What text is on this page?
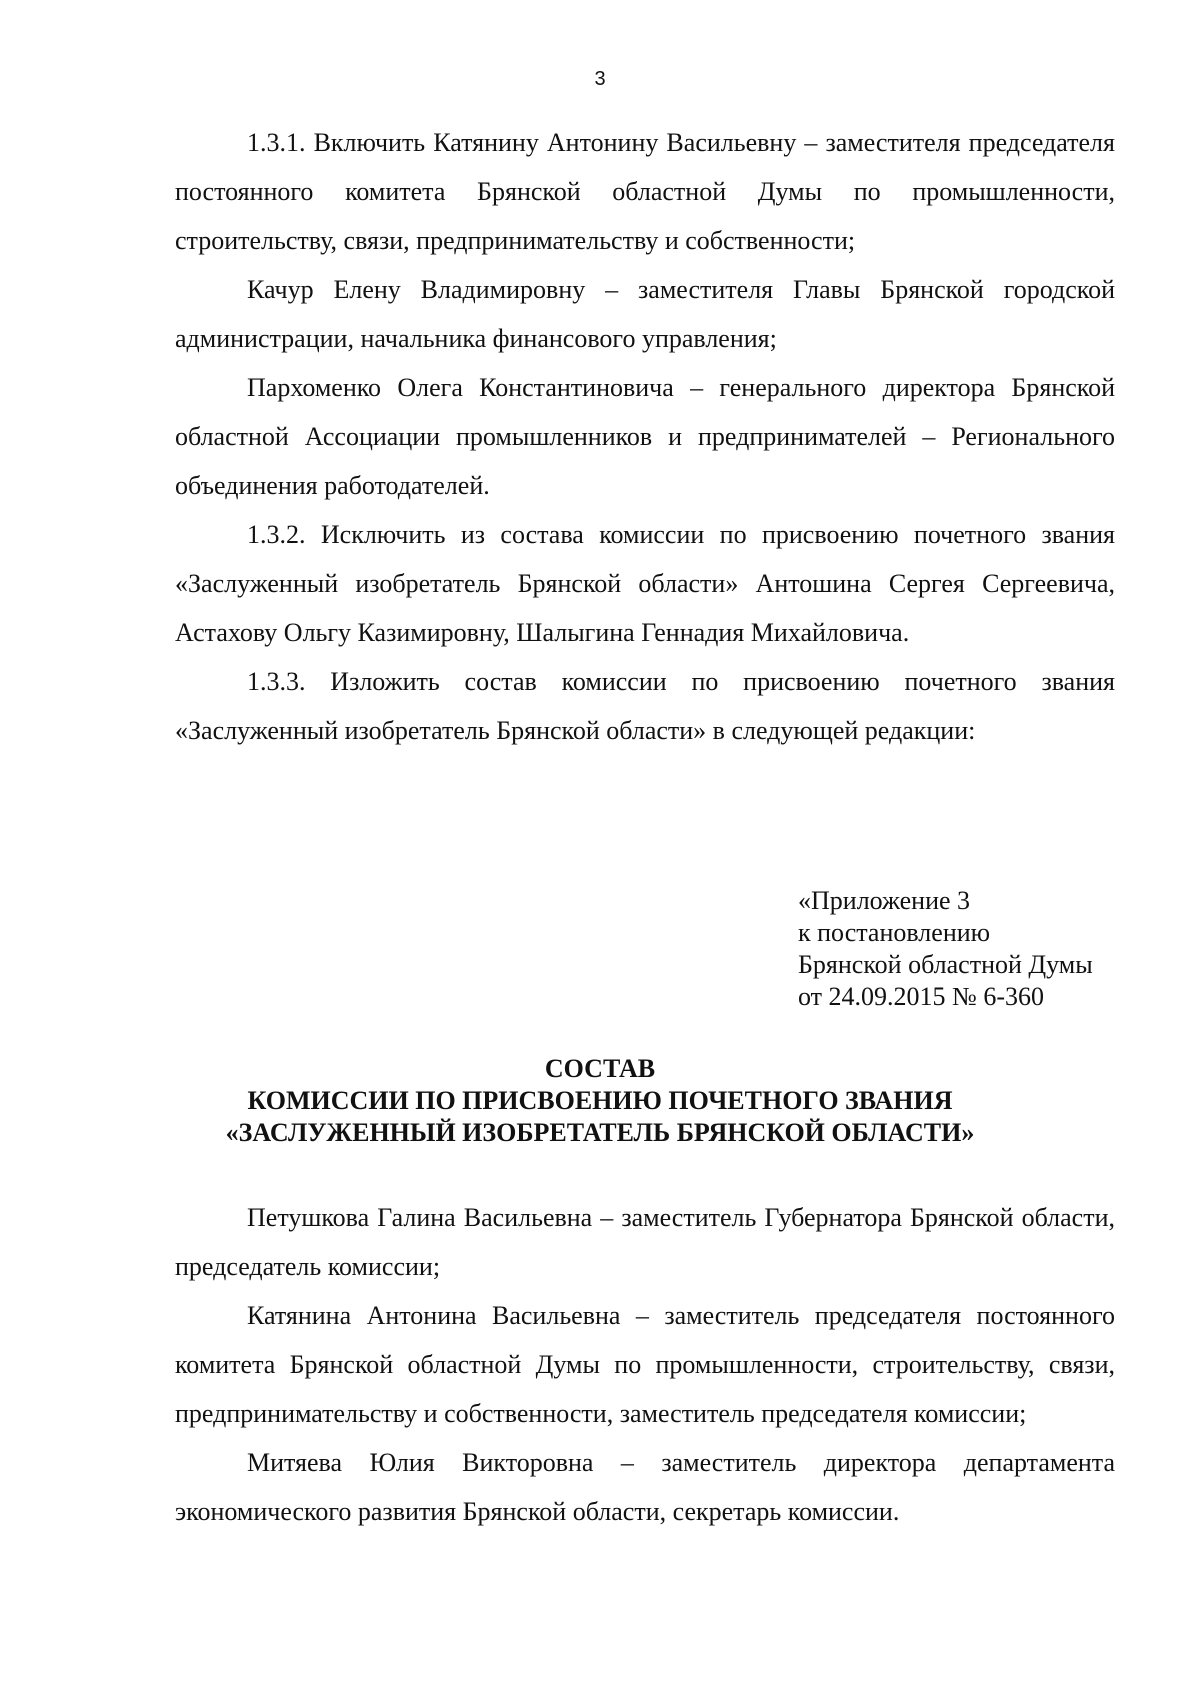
3

1.3.1. Включить Катянину Антонину Васильевну – заместителя председателя постоянного комитета Брянской областной Думы по промышленности, строительству, связи, предпринимательству и собственности;

Качур Елену Владимировну – заместителя Главы Брянской городской администрации, начальника финансового управления;

Пархоменко Олега Константиновича – генерального директора Брянской областной Ассоциации промышленников и предпринимателей – Регионального объединения работодателей.

1.3.2. Исключить из состава комиссии по присвоению почетного звания «Заслуженный изобретатель Брянской области» Антошина Сергея Сергеевича, Астахову Ольгу Казимировну, Шалыгина Геннадия Михайловича.

1.3.3. Изложить состав комиссии по присвоению почетного звания «Заслуженный изобретатель Брянской области» в следующей редакции:

«Приложение 3
к постановлению
Брянской областной Думы
от 24.09.2015 № 6-360
СОСТАВ
КОМИССИИ ПО ПРИСВОЕНИЮ ПОЧЕТНОГО ЗВАНИЯ
«ЗАСЛУЖЕННЫЙ ИЗОБРЕТАТЕЛЬ БРЯНСКОЙ ОБЛАСТИ»

Петушкова Галина Васильевна – заместитель Губернатора Брянской области, председатель комиссии;

Катянина Антонина Васильевна – заместитель председателя постоянного комитета Брянской областной Думы по промышленности, строительству, связи, предпринимательству и собственности, заместитель председателя комиссии;

Митяева Юлия Викторовна – заместитель директора департамента экономического развития Брянской области, секретарь комиссии.
